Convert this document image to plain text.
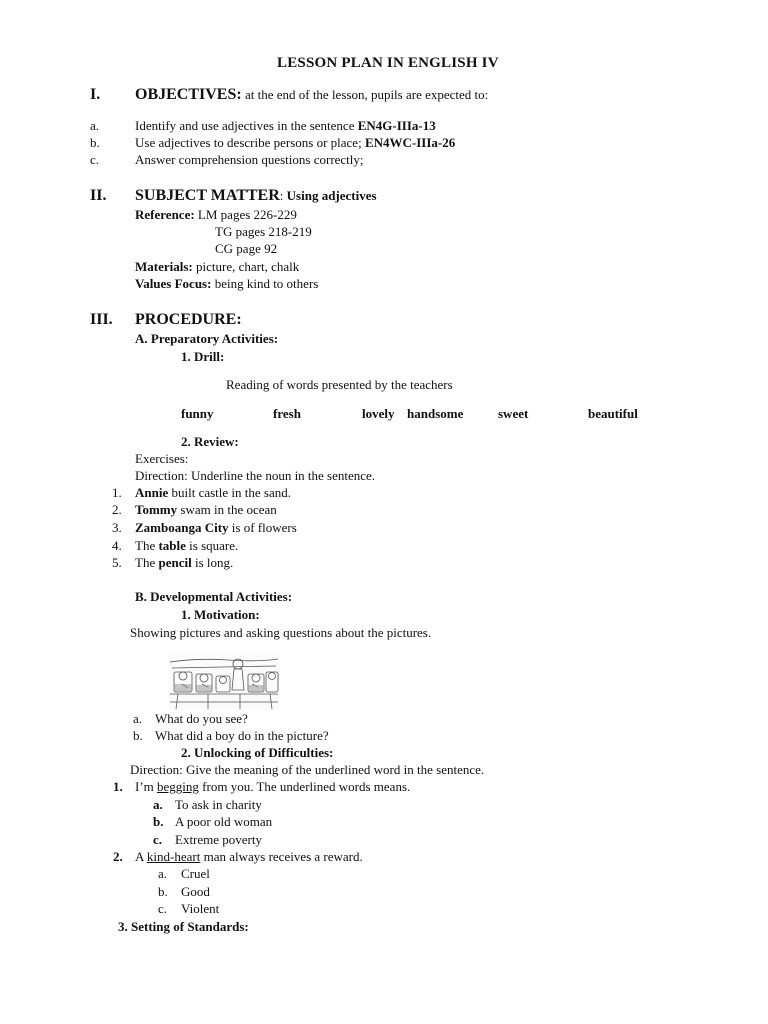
LESSON PLAN IN ENGLISH IV
I. OBJECTIVES: at the end of the lesson, pupils are expected to:
a.	Identify and use adjectives in the sentence EN4G-IIIa-13
b.	Use adjectives to describe persons or place; EN4WC-IIIa-26
c.	Answer comprehension questions correctly;
II. SUBJECT MATTER: Using adjectives
Reference: LM pages 226-229
TG pages 218-219
CG page 92
Materials: picture, chart, chalk
Values Focus: being kind to others
III. PROCEDURE:
A. Preparatory Activities:
1. Drill:
Reading of words presented by the teachers
funny	fresh	lovely handsome	sweet	beautiful
2. Review:
Exercises:
Direction: Underline the noun in the sentence.
1. Annie built castle in the sand.
2. Tommy swam in the ocean
3. Zamboanga City is of flowers
4. The table is square.
5. The pencil is long.
B. Developmental Activities:
1. Motivation:
Showing pictures and asking questions about the pictures.
a. What do you see?
b. What did a boy do in the picture?
2. Unlocking of Difficulties:
Direction: Give the meaning of the underlined word in the sentence.
1. I’m begging from you. The underlined words means.
a. To ask in charity
b. A poor old woman
c. Extreme poverty
2. A kind-heart man always receives a reward.
a. Cruel
b. Good
c. Violent
3. Setting of Standards:
